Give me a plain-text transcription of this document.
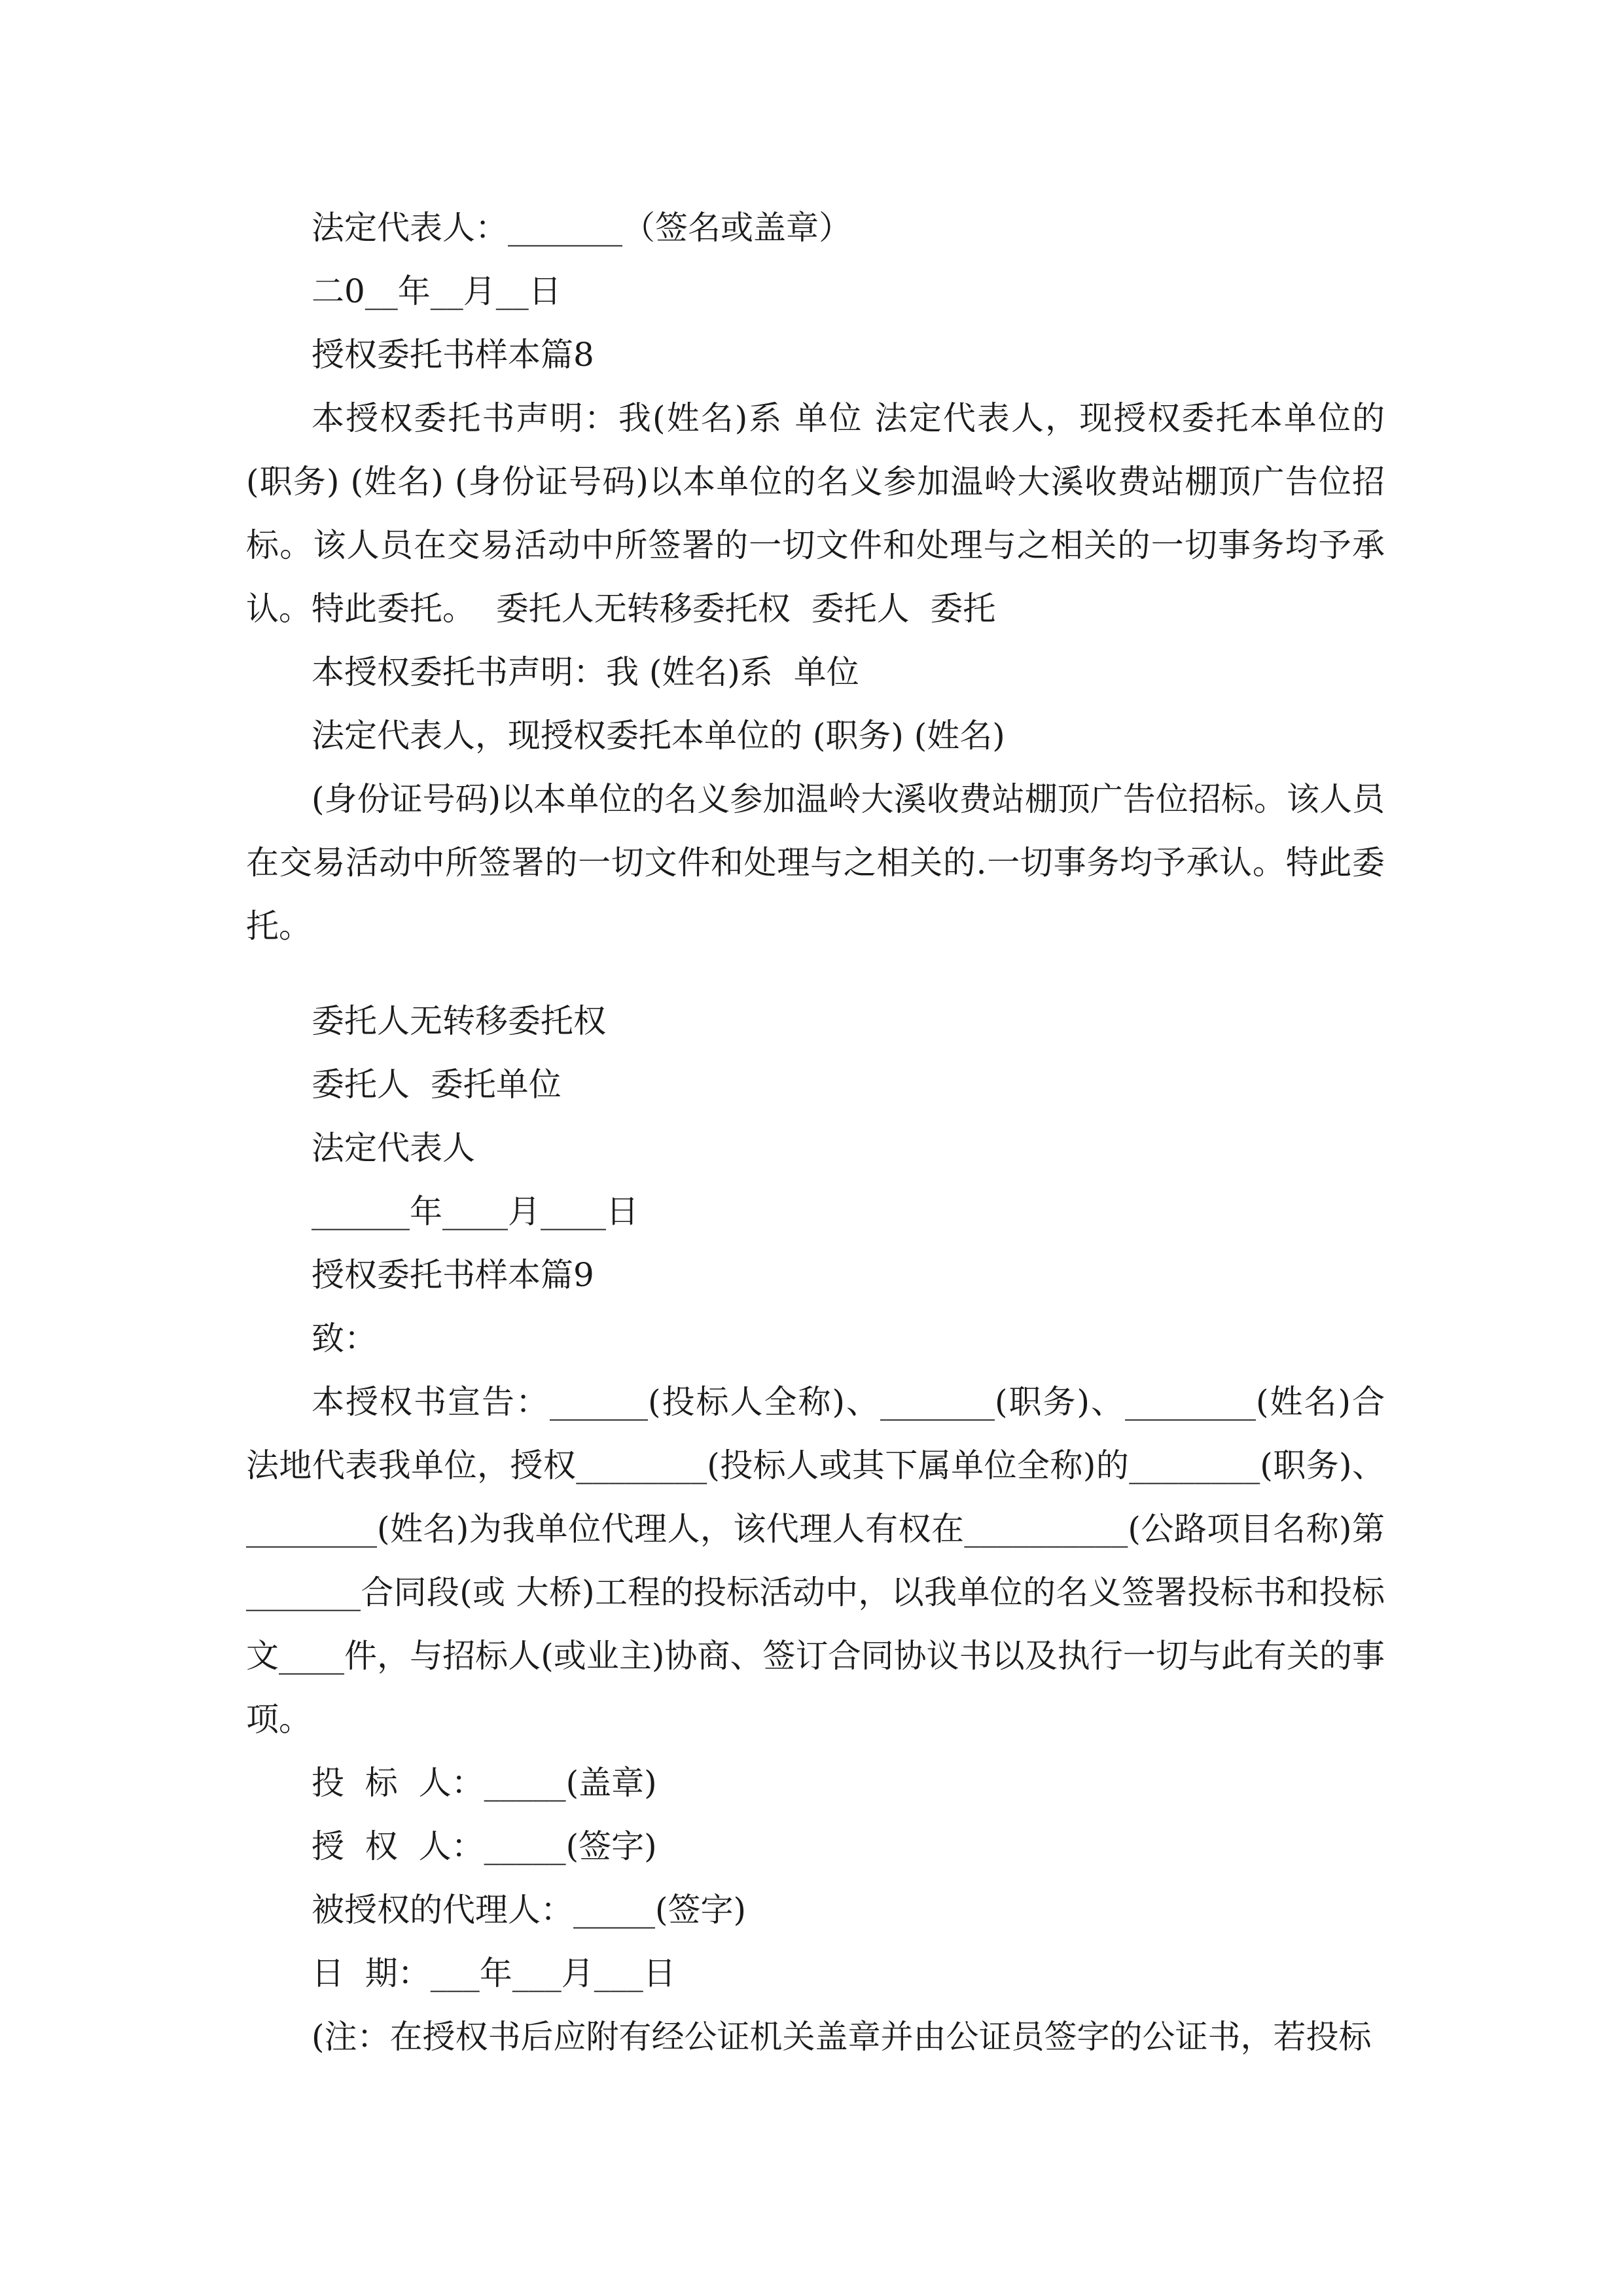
法定代表人：_______（签名或盖章）

二0__年__月__日

授权委托书样本篇8

本授权委托书声明：我(姓名)系 单位 法定代表人，现授权委托本单位的 (职务) (姓名) (身份证号码)以本单位的名义参加温岭大溪收费站棚顶广告位招标。该人员在交易活动中所签署的一切文件和处理与之相关的一切事务均予承认。特此委托。  委托人无转移委托权  委托人  委托

本授权委托书声明：我 (姓名)系  单位

法定代表人，现授权委托本单位的 (职务) (姓名)

(身份证号码)以本单位的名义参加温岭大溪收费站棚顶广告位招标。该人员在交易活动中所签署的一切文件和处理与之相关的.一切事务均予承认。特此委托。

委托人无转移委托权

委托人  委托单位

法定代表人

______年____月____日

授权委托书样本篇9

致：

本授权书宣告：______(投标人全称)、_______(职务)、________(姓名)合法地代表我单位，授权________(投标人或其下属单位全称)的________(职务)、________(姓名)为我单位代理人，该代理人有权在__________(公路项目名称)第_______合同段(或 大桥)工程的投标活动中，以我单位的名义签署投标书和投标文____件，与招标人(或业主)协商、签订合同协议书以及执行一切与此有关的事项。

投  标  人：_____(盖章)

授  权  人：_____(签字)

被授权的代理人：_____(签字)

日  期：___年___月___日

(注：在授权书后应附有经公证机关盖章并由公证员签字的公证书，若投标
